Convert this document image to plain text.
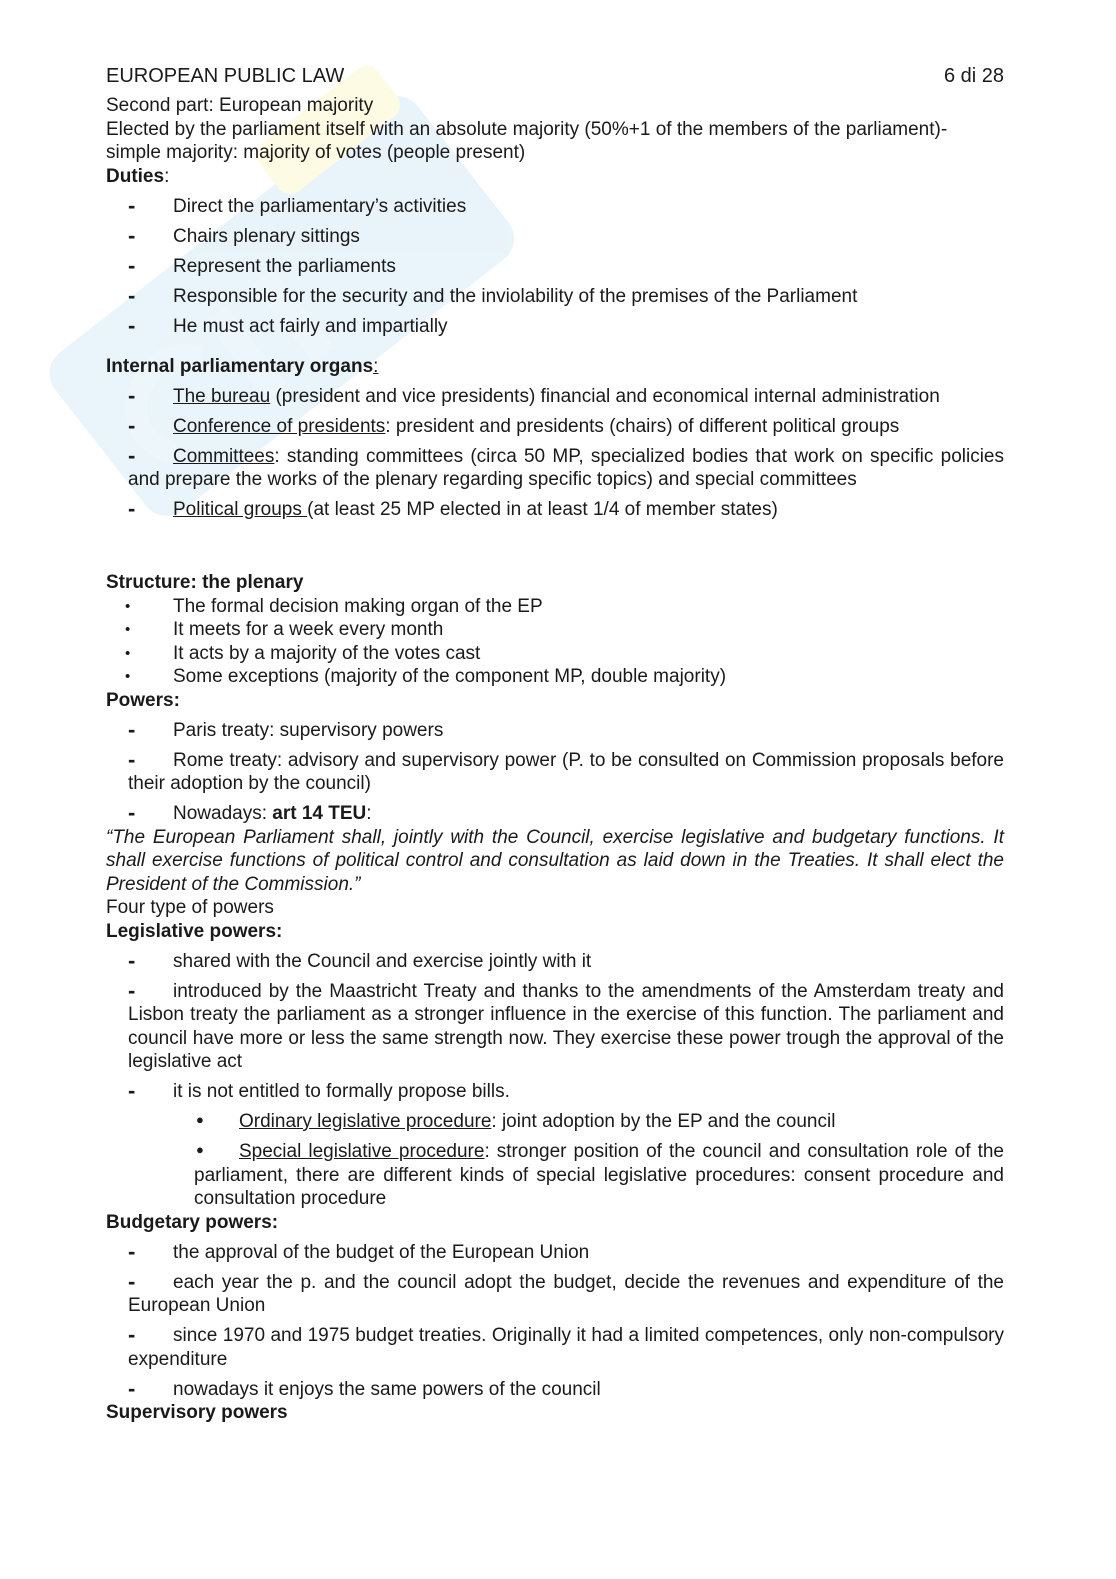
EUROPEAN PUBLIC LAW	6 di 28

Second part: European majority

Elected by the parliament itself with an absolute majority (50%+1 of the members of the parliament)-

simple majority: majority of votes (people present)

Duties:

- Direct the parliamentary’s activities
- Chairs plenary sittings
- Represent the parliaments
- Responsible for the security and the inviolability of the premises of the Parliament
- He must act fairly and impartially

Internal parliamentary organs:

- The bureau (president and vice presidents) financial and economical internal administration
- Conference of presidents: president and presidents (chairs) of different political groups
- Committees: standing committees (circa 50 MP, specialized bodies that work on specific policies and prepare the works of the plenary regarding specific topics) and special committees
- Political groups (at least 25 MP elected in at least 1/4 of member states)

Structure: the plenary

• The formal decision making organ of the EP
• It meets for a week every month
• It acts by a majority of the votes cast
• Some exceptions (majority of the component MP, double majority)

Powers:

- Paris treaty: supervisory powers
- Rome treaty: advisory and supervisory power (P. to be consulted on Commission proposals before their adoption by the council)
- Nowadays: art 14 TEU:

“The European Parliament shall, jointly with the Council, exercise legislative and budgetary functions. It shall exercise functions of political control and consultation as laid down in the Treaties. It shall elect the President of the Commission.”

Four type of powers

Legislative powers:

- shared with the Council and exercise jointly with it
- introduced by the Maastricht Treaty and thanks to the amendments of the Amsterdam treaty and Lisbon treaty the parliament as a stronger influence in the exercise of this function. The parliament and council have more or less the same strength now. They exercise these power trough the approval of the legislative act
- it is not entitled to formally propose bills.
● Ordinary legislative procedure: joint adoption by the EP and the council
● Special legislative procedure: stronger position of the council and consultation role of the parliament, there are different kinds of special legislative procedures: consent procedure and consultation procedure

Budgetary powers:

- the approval of the budget of the European Union
- each year the p. and the council adopt the budget, decide the revenues and expenditure of the European Union
- since 1970 and 1975 budget treaties. Originally it had a limited competences, only non-compulsory expenditure
- nowadays it enjoys the same powers of the council

Supervisory powers
